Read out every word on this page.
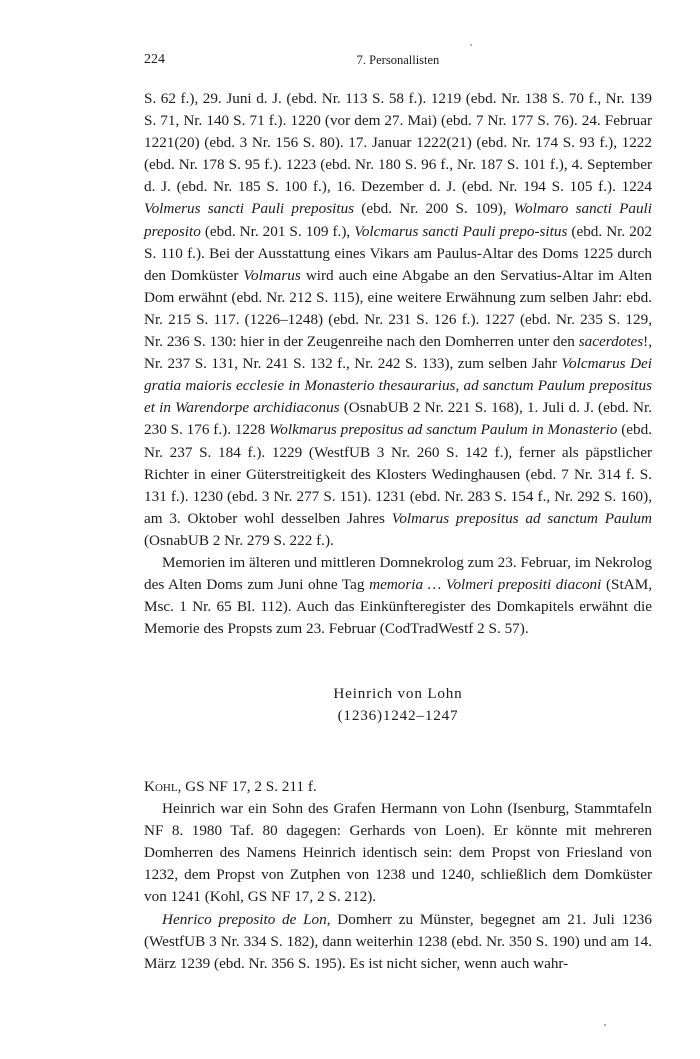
224	7. Personallisten

S. 62 f.), 29. Juni d. J. (ebd. Nr. 113 S. 58 f.). 1219 (ebd. Nr. 138 S. 70 f., Nr. 139 S. 71, Nr. 140 S. 71 f.). 1220 (vor dem 27. Mai) (ebd. 7 Nr. 177 S. 76). 24. Februar 1221(20) (ebd. 3 Nr. 156 S. 80). 17. Januar 1222(21) (ebd. Nr. 174 S. 93 f.), 1222 (ebd. Nr. 178 S. 95 f.). 1223 (ebd. Nr. 180 S. 96 f., Nr. 187 S. 101 f.), 4. September d. J. (ebd. Nr. 185 S. 100 f.), 16. Dezember d. J. (ebd. Nr. 194 S. 105 f.). 1224 Volmerus sancti Pauli prepositus (ebd. Nr. 200 S. 109), Wolmaro sancti Pauli preposito (ebd. Nr. 201 S. 109 f.), Volcmarus sancti Pauli prepo-situs (ebd. Nr. 202 S. 110 f.). Bei der Ausstattung eines Vikars am Paulus-Altar des Doms 1225 durch den Domküster Volmarus wird auch eine Abgabe an den Servatius-Altar im Alten Dom erwähnt (ebd. Nr. 212 S. 115), eine weitere Erwähnung zum selben Jahr: ebd. Nr. 215 S. 117. (1226–1248) (ebd. Nr. 231 S. 126 f.). 1227 (ebd. Nr. 235 S. 129, Nr. 236 S. 130: hier in der Zeugenreihe nach den Domherren unter den sacerdotes!, Nr. 237 S. 131, Nr. 241 S. 132 f., Nr. 242 S. 133), zum selben Jahr Volcmarus Dei gratia maioris ecclesie in Monasterio thesaurarius, ad sanctum Paulum prepositus et in Warendorpe archidiaconus (OsnabUB 2 Nr. 221 S. 168), 1. Juli d. J. (ebd. Nr. 230 S. 176 f.). 1228 Wolkmarus prepositus ad sanctum Paulum in Monasterio (ebd. Nr. 237 S. 184 f.). 1229 (WestfUB 3 Nr. 260 S. 142 f.), ferner als päpstlicher Richter in einer Güterstreitigkeit des Klosters Wedinghausen (ebd. 7 Nr. 314 f. S. 131 f.). 1230 (ebd. 3 Nr. 277 S. 151). 1231 (ebd. Nr. 283 S. 154 f., Nr. 292 S. 160), am 3. Oktober wohl desselben Jahres Volmarus prepositus ad sanctum Paulum (OsnabUB 2 Nr. 279 S. 222 f.).

Memorien im älteren und mittleren Domnekrolog zum 23. Februar, im Nekrolog des Alten Doms zum Juni ohne Tag memoria … Volmeri prepositi diaconi (StAM, Msc. 1 Nr. 65 Bl. 112). Auch das Einkünfteregister des Domkapitels erwähnt die Memorie des Propsts zum 23. Februar (CodTradWestf 2 S. 57).

Heinrich von Lohn
(1236)1242–1247

Kohl, GS NF 17, 2 S. 211 f.

Heinrich war ein Sohn des Grafen Hermann von Lohn (Isenburg, Stammtafeln NF 8. 1980 Taf. 80 dagegen: Gerhards von Loen). Er könnte mit mehreren Domherren des Namens Heinrich identisch sein: dem Propst von Friesland von 1232, dem Propst von Zutphen von 1238 und 1240, schließlich dem Domküster von 1241 (Kohl, GS NF 17, 2 S. 212).

Henrico preposito de Lon, Domherr zu Münster, begegnet am 21. Juli 1236 (WestfUB 3 Nr. 334 S. 182), dann weiterhin 1238 (ebd. Nr. 350 S. 190) und am 14. März 1239 (ebd. Nr. 356 S. 195). Es ist nicht sicher, wenn auch wahr-
